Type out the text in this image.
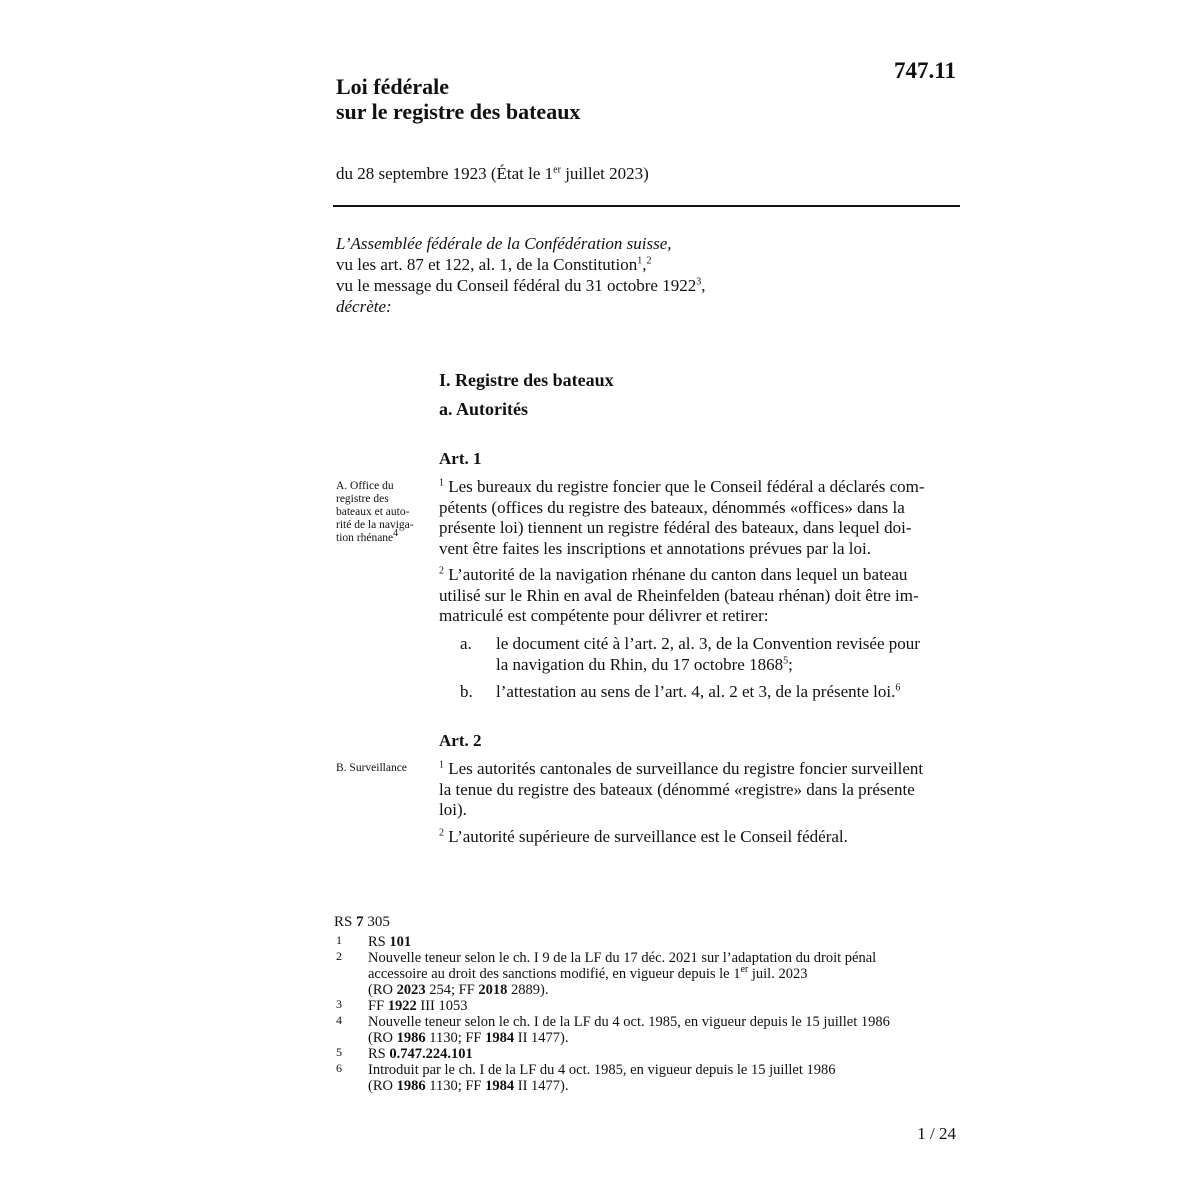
747.11
Loi fédérale
sur le registre des bateaux
du 28 septembre 1923 (État le 1er juillet 2023)
L’Assemblée fédérale de la Confédération suisse,
vu les art. 87 et 122, al. 1, de la Constitution$^1$,$^2$
vu le message du Conseil fédéral du 31 octobre 1922$^3$,
décrète:
I. Registre des bateaux
a. Autorités
Art. 1
A. Office du
registre des
bateaux et auto-
rité de la naviga-
tion rhénane$^4$
$^1$ Les bureaux du registre foncier que le Conseil fédéral a déclarés com-
pétents (offices du registre des bateaux, dénommés «offices» dans la
présente loi) tiennent un registre fédéral des bateaux, dans lequel doi-
vent être faites les inscriptions et annotations prévues par la loi.
$^2$ L’autorité de la navigation rhénane du canton dans lequel un bateau
utilisé sur le Rhin en aval de Rheinfelden (bateau rhénan) doit être im-
matriculé est compétente pour délivrer et retirer:
a. le document cité à l’art. 2, al. 3, de la Convention revisée pour
la navigation du Rhin, du 17 octobre 1868$^5$;
b. l’attestation au sens de l’art. 4, al. 2 et 3, de la présente loi.$^6$
Art. 2
B. Surveillance	$^1$ Les autorités cantonales de surveillance du registre foncier surveillent
la tenue du registre des bateaux (dénommé «registre» dans la présente
loi).
$^2$ L’autorité supérieure de surveillance est le Conseil fédéral.
RS 7 305
1 RS 101
2 Nouvelle teneur selon le ch. I 9 de la LF du 17 déc. 2021 sur l’adaptation du droit pénal
accessoire au droit des sanctions modifié, en vigueur depuis le 1er juil. 2023
(RO 2023 254; FF 2018 2889).
3 FF 1922 III 1053
4 Nouvelle teneur selon le ch. I de la LF du 4 oct. 1985, en vigueur depuis le 15 juillet 1986
(RO 1986 1130; FF 1984 II 1477).
5 RS 0.747.224.101
6 Introduit par le ch. I de la LF du 4 oct. 1985, en vigueur depuis le 15 juillet 1986
(RO 1986 1130; FF 1984 II 1477).
1 / 24
